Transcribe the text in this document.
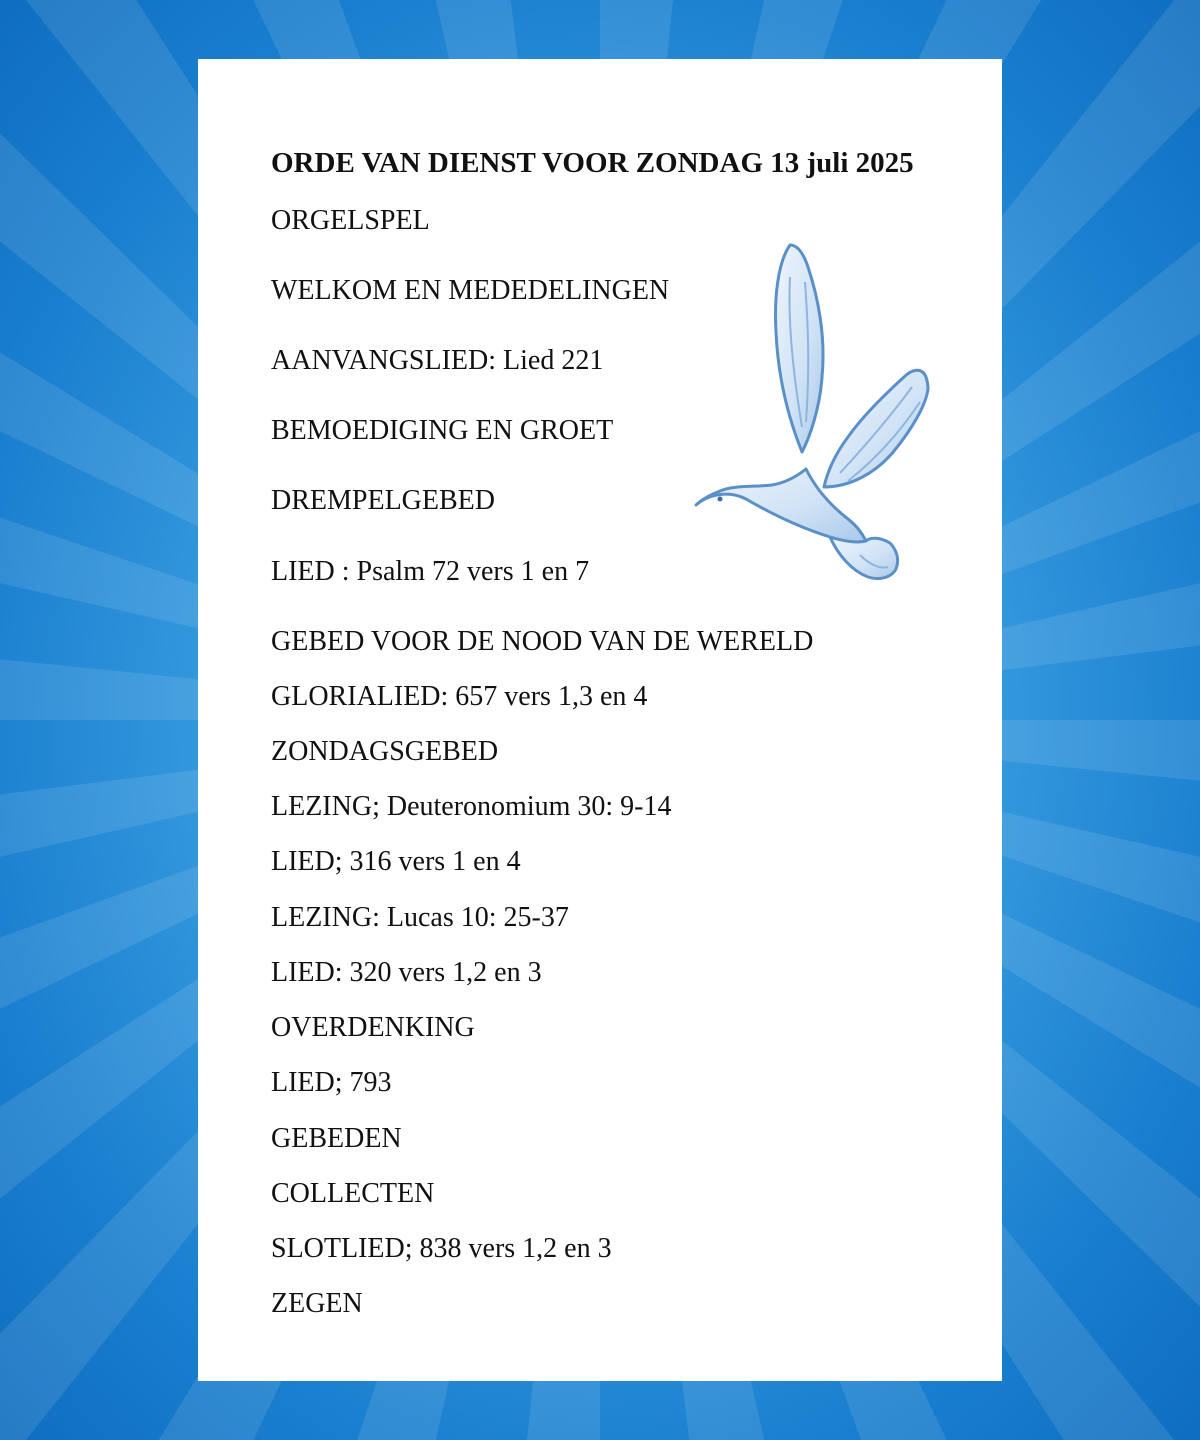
ORDE VAN DIENST VOOR ZONDAG 13 juli 2025

ORGELSPEL

WELKOM EN MEDEDELINGEN

AANVANGSLIED: Lied 221

BEMOEDIGING EN GROET

DREMPELGEBED

LIED : Psalm 72 vers 1 en 7

GEBED VOOR DE NOOD VAN DE WERELD

GLORIALIED: 657 vers 1,3 en 4

ZONDAGSGEBED

LEZING; Deuteronomium 30: 9-14

LIED; 316 vers 1 en 4

LEZING: Lucas 10: 25-37

LIED: 320 vers 1,2 en 3

OVERDENKING

LIED; 793

GEBEDEN

COLLECTEN

SLOTLIED; 838 vers 1,2 en 3

ZEGEN
